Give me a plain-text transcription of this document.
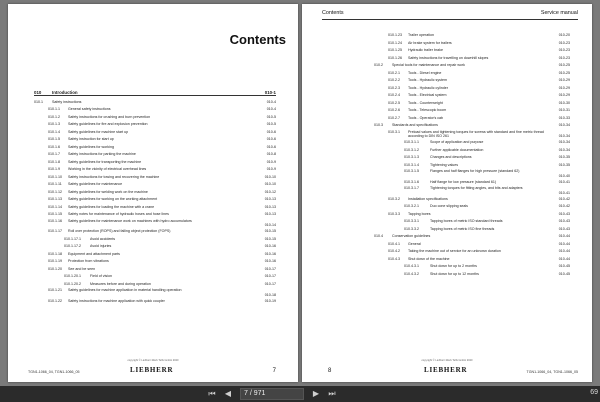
Contents
010 Introduction	010-1
010.1	Safety instructions	010-4
010.1.1 General safety instructions	010-4
010.1.2 Safety instructions for crushing and burn prevention	010-5
010.1.3 Safety guidelines for fire and explosion prevention	010-5
010.1.4 Safety guidelines for machine start up	010-6
010.1.5 Safety instruction for start up	010-6
010.1.6 Safety guidelines for working	010-6
010.1.7 Safety instructions for parking the machine	010-8
010.1.8 Safety guidelines for transporting the machine	010-9
010.1.9 Working in the vicinity of electrical overhead lines	010-9
010.1.10 Safety instructions for towing and recovering the machine	010-10
010.1.11 Safety guidelines for maintenance	010-10
010.1.12 Safety guidelines for welding work on the machine	010-12
010.1.13 Safety guidelines for working on the working attachment	010-13
010.1.14 Safety guidelines for loading the machine with a crane	010-13
010.1.15 Safety notes for maintenance of hydraulic hoses and hose lines	010-13
010.1.16 Safety guidelines for maintenance work on machines with hydro accumulators
010-14
010.1.17 Roll over protection (ROPS) and falling object protection (FOPS)	010-15
010.1.17.1	Avoid accidents	010-15
010.1.17.2	Avoid injuries	010-16
010.1.18 Equipment and attachment parts	010-16
010.1.19 Protection from vibrations	010-16
010.1.20 See and be seen	010-17
010.1.20.1	Field of vision	010-17
010.1.20.2	Measures before and during operation	010-17
010.1.21 Safety guidelines for machine application in material handling operation
010-18
010.1.22 Safety instructions for machine application with quick coupler	010-19
copyright © Liebherr-Werk Telfs GmbH 2020
TGN1-1066_04, TGN1-1066_05	LIEBHERR	7
Contents	Service manual
010.1.23 Trailer operation	010-20
010.1.24 Air brake system for trailers	010-23
010.1.25 Hydraulic trailer brake	010-23
010.1.26 Safety instructions for travelling on downhill slopes	010-23
010.2	Special tools for maintenance and repair work	010-25
010.2.1 Tools - Diesel engine	010-25
010.2.2 Tools - Hydraulic system	010-29
010.2.3 Tools - Hydraulic cylinder	010-29
010.2.4 Tools - Electrical system	010-29
010.2.5 Tools - Counterweight	010-30
010.2.6 Tools - Telescopic boom	010-31
010.2.7 Tools - Operator's cab	010-33
010.3	Standards and specifications	010-34
010.3.1 Preload values and tightening torques for screws with standard and fine metric thread according to DIN ISO 261	010-34
010.3.1.1	Scope of application and purpose	010-34
010.3.1.2	Further applicable documentation	010-34
010.3.1.3	Changes and descriptions	010-35
010.3.1.4	Tightening values	010-35
010.3.1.5	Flanges and half flanges for high pressure (standard 62)
010-40
010.3.1.6	Half flange for low pressure (standard 61)	010-41
010.3.1.7	Tightening torques for fitting angles, and bits and adapters
010-41
010.3.2 Installation specifications	010-42
010.3.2.1	Duo cone slipping seals	010-42
010.3.3 Tapping bores	010-43
010.3.3.1	Tapping bores of metric ISO standard threads	010-43
010.3.3.2	Tapping bores of metric ISO fine threads	010-43
010.4	Conservation guidelines	010-44
010.4.1 General	010-44
010.4.2 Taking the machine out of service for an unknown duration	010-44
010.4.3 Shut down of the machine	010-44
010.4.3.1	Shut down for up to 2 months	010-45
010.4.3.2	Shut down for up to 12 months	010-45
copyright © Liebherr-Werk Telfs GmbH 2020
8	LIEBHERR	TGN1-1066_04, TGN1-1066_05
⏮	◀	7 / 971	▶	⏭	69
